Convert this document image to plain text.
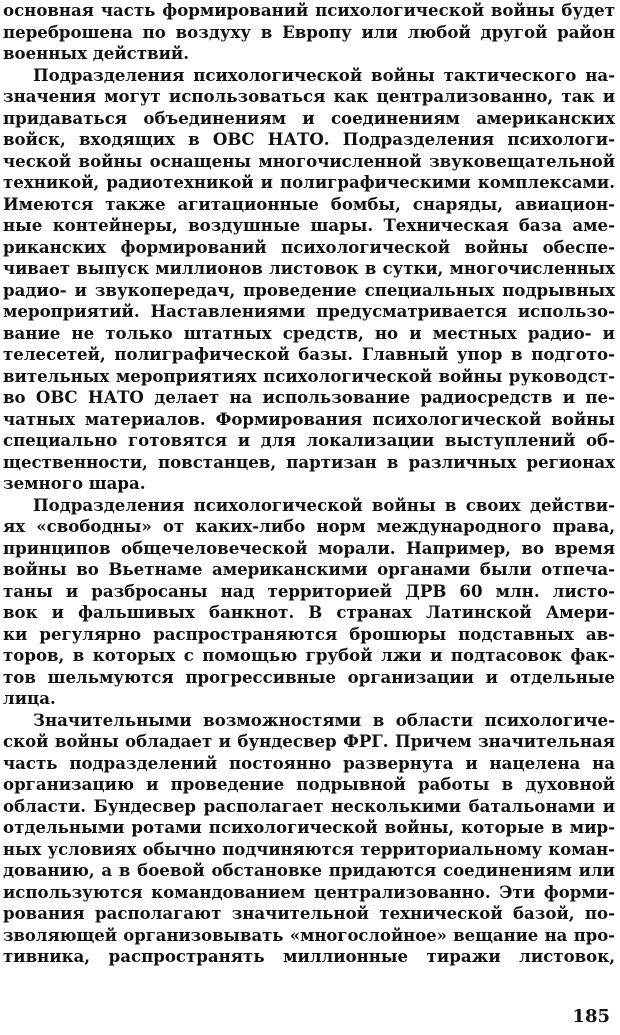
основная часть формирований психологической войны будет
переброшена по воздуху в Европу или любой другой район
военных действий.
Подразделения психологической войны тактического на-
значения могут использоваться как централизованно, так и
придаваться объединениям и соединениям американских
войск, входящих в ОВС НАТО. Подразделения психологи-
ческой войны оснащены многочисленной звуковещательной
техникой, радиотехникой и полиграфическими комплексами.
Имеются также агитационные бомбы, снаряды, авиацион-
ные контейнеры, воздушные шары. Техническая база аме-
риканских формирований психологической войны обеспе-
чивает выпуск миллионов листовок в сутки, многочисленных
радио- и звукопередач, проведение специальных подрывных
мероприятий. Наставлениями предусматривается использо-
вание не только штатных средств, но и местных радио- и
телесетей, полиграфической базы. Главный упор в подгото-
вительных мероприятиях психологической войны руководст-
во ОВС НАТО делает на использование радиосредств и пе-
чатных материалов. Формирования психологической войны
специально готовятся и для локализации выступлений об-
щественности, повстанцев, партизан в различных регионах
земного шара.
Подразделения психологической войны в своих действи-
ях «свободны» от каких-либо норм международного права,
принципов общечеловеческой морали. Например, во время
войны во Вьетнаме американскими органами были отпеча-
таны и разбросаны над территорией ДРВ 60 млн. листо-
вок и фальшивых банкнот. В странах Латинской Амери-
ки регулярно распространяются брошюры подставных ав-
торов, в которых с помощью грубой лжи и подтасовок фак-
тов шельмуются прогрессивные организации и отдельные
лица.
Значительными возможностями в области психологиче-
ской войны обладает и бундесвер ФРГ. Причем значительная
часть подразделений постоянно развернута и нацелена на
организацию и проведение подрывной работы в духовной
области. Бундесвер располагает несколькими батальонами и
отдельными ротами психологической войны, которые в мир-
ных условиях обычно подчиняются территориальному коман-
дованию, а в боевой обстановке придаются соединениям или
используются командованием централизованно. Эти форми-
рования располагают значительной технической базой, по-
зволяющей организовывать «многослойное» вещание на про-
тивника, распространять миллионные тиражи листовок,
185
